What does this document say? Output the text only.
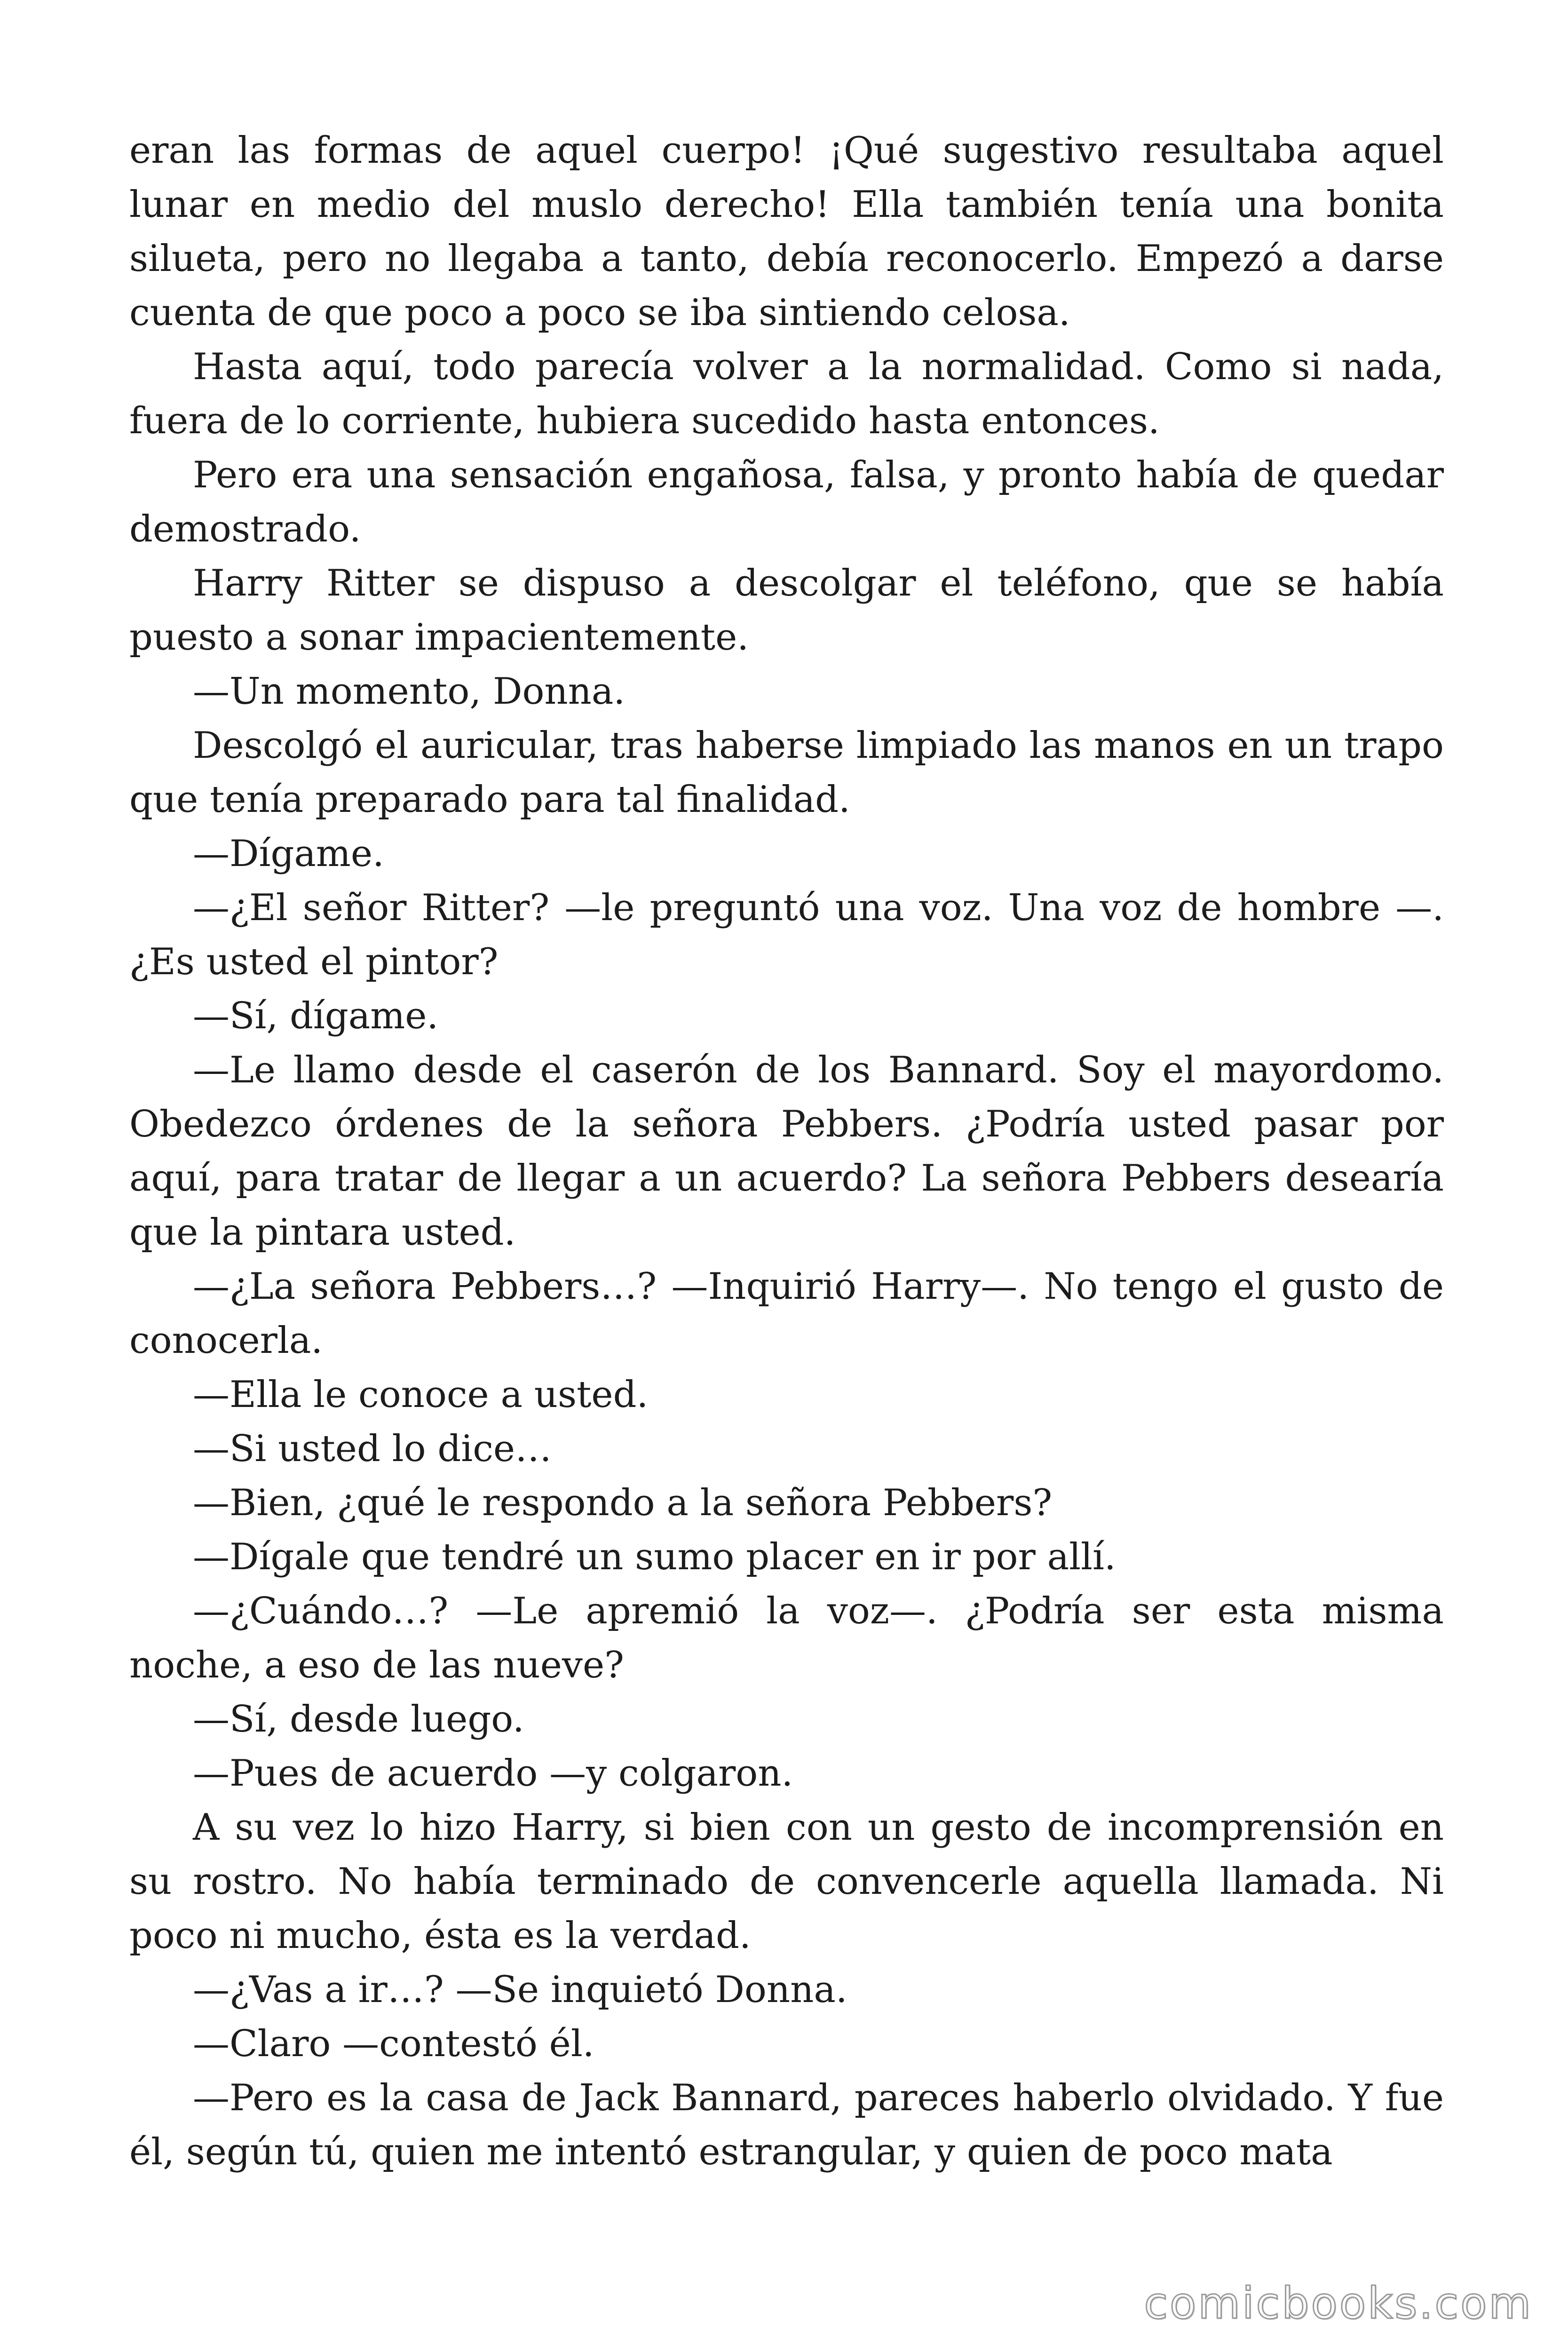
eran las formas de aquel cuerpo! ¡Qué sugestivo resultaba aquel lunar en medio del muslo derecho! Ella también tenía una bonita silueta, pero no llegaba a tanto, debía reconocerlo. Empezó a darse cuenta de que poco a poco se iba sintiendo celosa.

Hasta aquí, todo parecía volver a la normalidad. Como si nada, fuera de lo corriente, hubiera sucedido hasta entonces.

Pero era una sensación engañosa, falsa, y pronto había de quedar demostrado.

Harry Ritter se dispuso a descolgar el teléfono, que se había puesto a sonar impacientemente.

—Un momento, Donna.

Descolgó el auricular, tras haberse limpiado las manos en un trapo que tenía preparado para tal finalidad.

—Dígame.

—¿El señor Ritter? —le preguntó una voz. Una voz de hombre —. ¿Es usted el pintor?

—Sí, dígame.

—Le llamo desde el caserón de los Bannard. Soy el mayordomo. Obedezco órdenes de la señora Pebbers. ¿Podría usted pasar por aquí, para tratar de llegar a un acuerdo? La señora Pebbers desearía que la pintara usted.

—¿La señora Pebbers…? —Inquirió Harry—. No tengo el gusto de conocerla.

—Ella le conoce a usted.

—Si usted lo dice…

—Bien, ¿qué le respondo a la señora Pebbers?

—Dígale que tendré un sumo placer en ir por allí.

—¿Cuándo…? —Le apremió la voz—. ¿Podría ser esta misma noche, a eso de las nueve?

—Sí, desde luego.

—Pues de acuerdo —y colgaron.

A su vez lo hizo Harry, si bien con un gesto de incomprensión en su rostro. No había terminado de convencerle aquella llamada. Ni poco ni mucho, ésta es la verdad.

—¿Vas a ir…? —Se inquietó Donna.

—Claro —contestó él.

—Pero es la casa de Jack Bannard, pareces haberlo olvidado. Y fue él, según tú, quien me intentó estrangular, y quien de poco mata

comicbooks.com
